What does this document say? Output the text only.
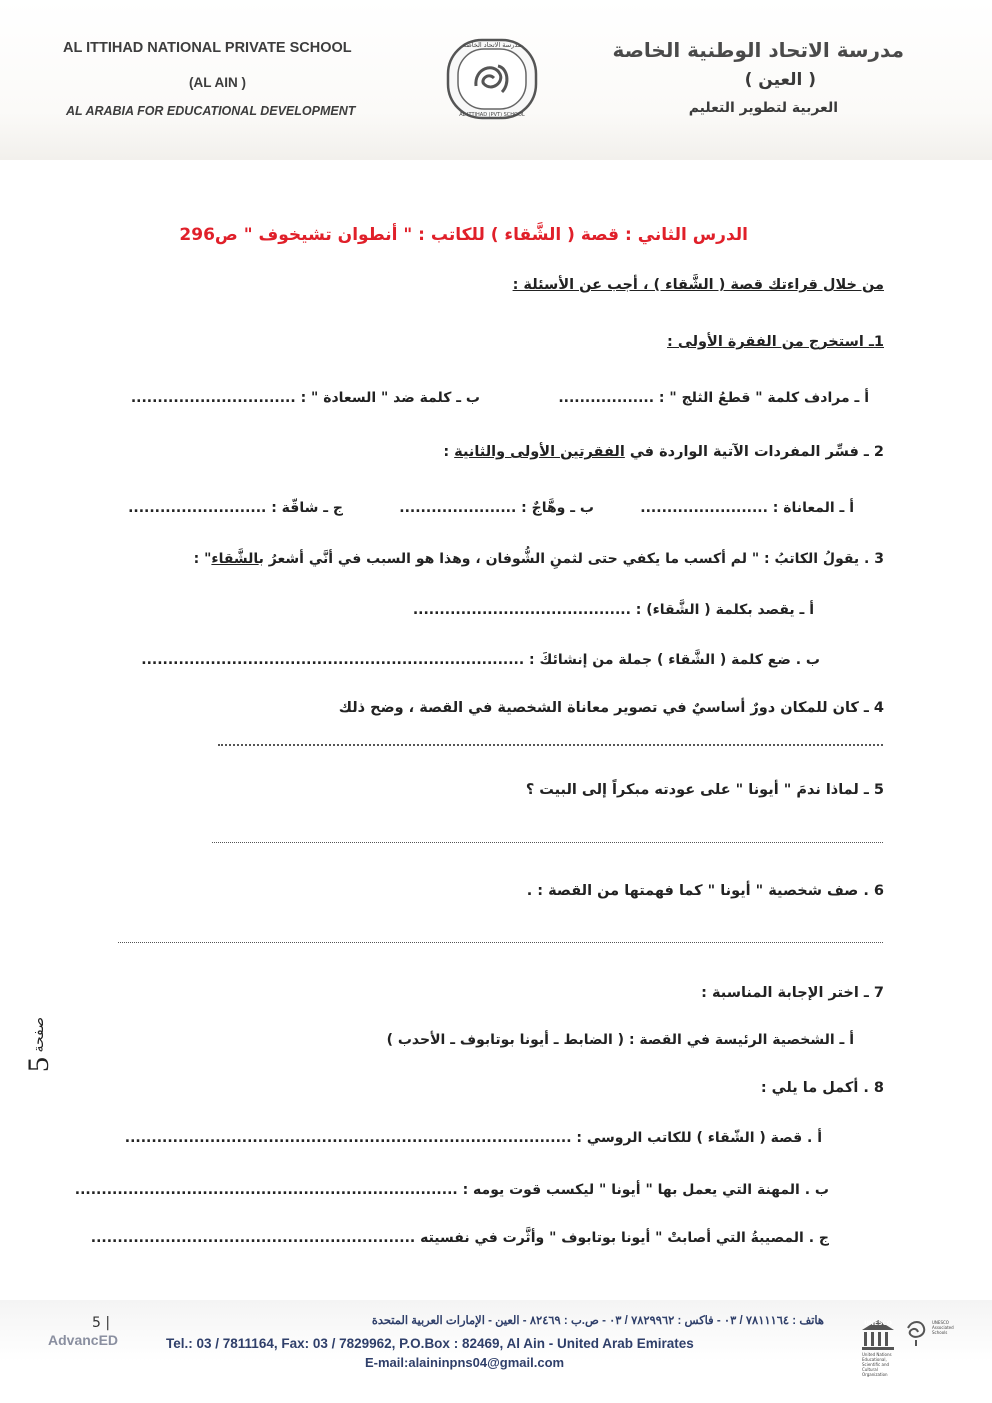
AL ITTIHAD NATIONAL PRIVATE SCHOOL
(AL AIN )
AL ARABIA FOR EDUCATIONAL DEVELOPMENT
مدرسة الاتحاد الوطنية الخاصة
( العين )
العربية لتطوير التعليم
مدرسة الاتحاد الخاصة
AL ITTIHAD (PVT) SCHOOL
الدرس الثاني : قصة ( الشَّقاء ) للكاتب : " أنطوان تشيخوف " ص296
من خلال قراءتك قصة ( الشَّقاء ) ، أجب عن الأسئلة :
1ـ استخرج من الفقرة الأولى :
أ ـ مرادف كلمة " قطعُ الثلج " : ..................
ب ـ كلمة ضد " السعادة " : ...............................
2 ـ فسِّر المفردات الآتية الواردة في الفقرتين الأولى والثانية :
أ ـ المعاناة : ........................
ب ـ وهَّاجٌ : ......................
ج ـ شاقّة : ..........................
3 . يقولُ الكاتبُ : " لم أكسب ما يكفي حتى لثمنِ الشُّوفان ، وهذا هو السبب في أنَّي أشعرُ بالشَّقاء" :
أ ـ يقصد بكلمة ( الشَّقاء) : .........................................
ب . ضع كلمة ( الشَّقاء ) جملة من إنشائكَ : ........................................................................
4 ـ كان للمكان دورٌ أساسيٌ في تصوير معاناة الشخصية في القصة ، وضح ذلك
5 ـ لماذا ندمَ " أيونا " على عودته مبكراً إلى البيت ؟
6 . صف شخصية " أيونا " كما فهمتها من القصة : .
7 ـ اختر الإجابة المناسبة :
أ ـ الشخصية الرئيسة في القصة : ( الضابط ـ أيونا بوتابوف ـ الأحدب )
8 . أكمل ما يلي :
أ . قصة ( الشّقاء ) للكاتب الروسي : ....................................................................................
ب . المهنة التي يعمل بها " أيونا " ليكسب قوت يومه : ........................................................................
ج . المصيبةُ التي أصابتْ " أيونا بوتابوف " وأثَّرت في نفسيته .............................................................
5 صفحة
5 |
AdvancED
هاتف : ٧٨١١١٦٤ / ٠٣ - فاكس : ٧٨٢٩٩٦٢ / ٠٣ - ص.ب : ٨٢٤٦٩ - العين - الإمارات العربية المتحدة
Tel.: 03 / 7811164, Fax: 03 / 7829962, P.O.Box : 82469, Al Ain - United Arab Emirates
E-mail:alaininpns04@gmail.com
UNESCO
United Nations Educational, Scientific and Cultural Organization
UNESCO Associated Schools
